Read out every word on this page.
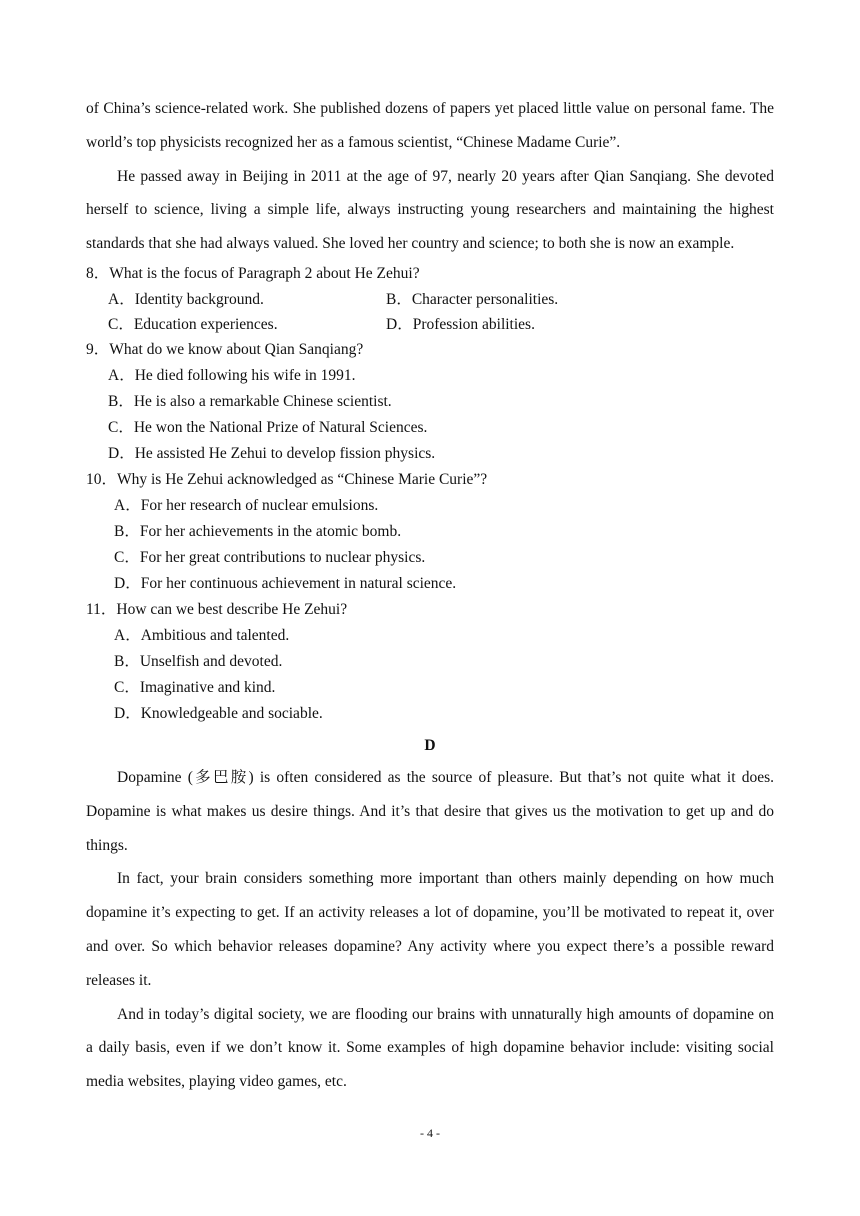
of China’s science-related work. She published dozens of papers yet placed little value on personal fame. The world’s top physicists recognized her as a famous scientist, “Chinese Madame Curie”.

He passed away in Beijing in 2011 at the age of 97, nearly 20 years after Qian Sanqiang. She devoted herself to science, living a simple life, always instructing young researchers and maintaining the highest standards that she had always valued. She loved her country and science; to both she is now an example.

8．What is the focus of Paragraph 2 about He Zehui?

A．Identity background.	B．Character personalities.
C．Education experiences.	D．Profession abilities.

9．What do we know about Qian Sanqiang?

A．He died following his wife in 1991.
B．He is also a remarkable Chinese scientist.
C．He won the National Prize of Natural Sciences.
D．He assisted He Zehui to develop fission physics.

10．Why is He Zehui acknowledged as “Chinese Marie Curie”?

A．For her research of nuclear emulsions.
B．For her achievements in the atomic bomb.
C．For her great contributions to nuclear physics.
D．For her continuous achievement in natural science.

11．How can we best describe He Zehui?

A．Ambitious and talented.
B．Unselfish and devoted.
C．Imaginative and kind.
D．Knowledgeable and sociable.
D

Dopamine (多巴胺) is often considered as the source of pleasure. But that’s not quite what it does. Dopamine is what makes us desire things. And it’s that desire that gives us the motivation to get up and do things.

In fact, your brain considers something more important than others mainly depending on how much dopamine it’s expecting to get. If an activity releases a lot of dopamine, you’ll be motivated to repeat it, over and over. So which behavior releases dopamine? Any activity where you expect there’s a possible reward releases it.

And in today’s digital society, we are flooding our brains with unnaturally high amounts of dopamine on a daily basis, even if we don’t know it. Some examples of high dopamine behavior include: visiting social media websites, playing video games, etc.

- 4 -
